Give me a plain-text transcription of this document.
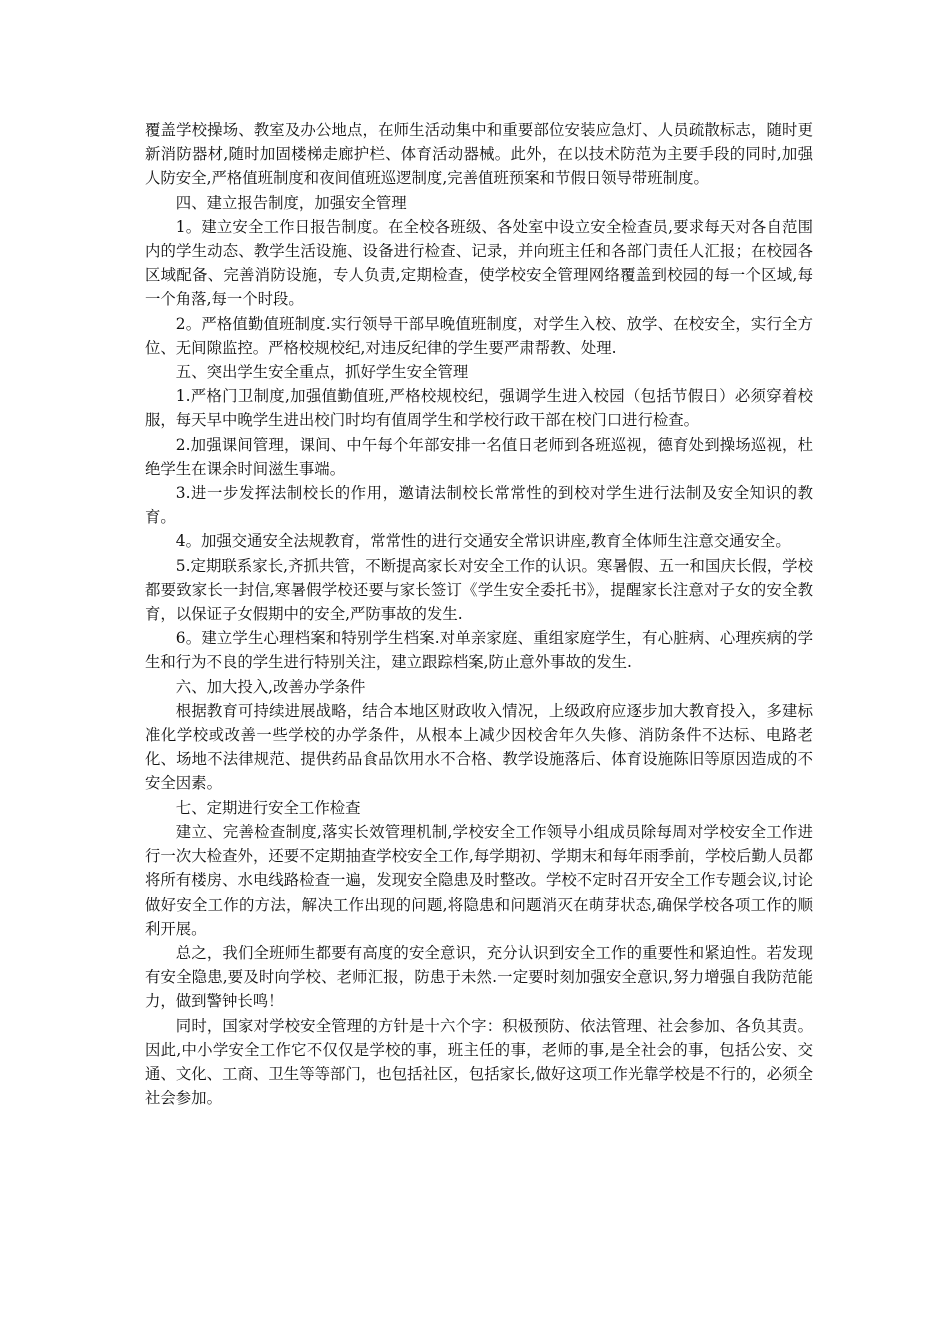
覆盖学校操场、教室及办公地点，在师生活动集中和重要部位安装应急灯、人员疏散标志，随时更新消防器材,随时加固楼梯走廊护栏、体育活动器械。此外，在以技术防范为主要手段的同时,加强人防安全,严格值班制度和夜间值班巡逻制度,完善值班预案和节假日领导带班制度。

四、建立报告制度，加强安全管理

1。建立安全工作日报告制度。在全校各班级、各处室中设立安全检查员,要求每天对各自范围内的学生动态、教学生活设施、设备进行检查、记录，并向班主任和各部门责任人汇报；在校园各区域配备、完善消防设施，专人负责,定期检查，使学校安全管理网络覆盖到校园的每一个区域,每一个角落,每一个时段。

2。严格值勤值班制度.实行领导干部早晚值班制度，对学生入校、放学、在校安全，实行全方位、无间隙监控。严格校规校纪,对违反纪律的学生要严肃帮教、处理.

五、突出学生安全重点，抓好学生安全管理

1.严格门卫制度,加强值勤值班,严格校规校纪，强调学生进入校园（包括节假日）必须穿着校服，每天早中晚学生进出校门时均有值周学生和学校行政干部在校门口进行检查。

2.加强课间管理，课间、中午每个年部安排一名值日老师到各班巡视，德育处到操场巡视，杜绝学生在课余时间滋生事端。

3.进一步发挥法制校长的作用，邀请法制校长常常性的到校对学生进行法制及安全知识的教育。

4。加强交通安全法规教育，常常性的进行交通安全常识讲座,教育全体师生注意交通安全。

5.定期联系家长,齐抓共管，不断提高家长对安全工作的认识。寒暑假、五一和国庆长假，学校都要致家长一封信,寒暑假学校还要与家长签订《学生安全委托书》，提醒家长注意对子女的安全教育，以保证子女假期中的安全,严防事故的发生.

6。建立学生心理档案和特别学生档案.对单亲家庭、重组家庭学生，有心脏病、心理疾病的学生和行为不良的学生进行特别关注，建立跟踪档案,防止意外事故的发生.

六、加大投入,改善办学条件

根据教育可持续进展战略，结合本地区财政收入情况，上级政府应逐步加大教育投入，多建标准化学校或改善一些学校的办学条件，从根本上减少因校舍年久失修、消防条件不达标、电路老化、场地不法律规范、提供药品食品饮用水不合格、教学设施落后、体育设施陈旧等原因造成的不安全因素。

七、定期进行安全工作检查

建立、完善检查制度,落实长效管理机制,学校安全工作领导小组成员除每周对学校安全工作进行一次大检查外，还要不定期抽查学校安全工作,每学期初、学期末和每年雨季前，学校后勤人员都将所有楼房、水电线路检查一遍，发现安全隐患及时整改。学校不定时召开安全工作专题会议,讨论做好安全工作的方法，解决工作出现的问题,将隐患和问题消灭在萌芽状态,确保学校各项工作的顺利开展。

总之，我们全班师生都要有高度的安全意识，充分认识到安全工作的重要性和紧迫性。若发现有安全隐患,要及时向学校、老师汇报，防患于未然.一定要时刻加强安全意识,努力增强自我防范能力，做到警钟长鸣！

同时，国家对学校安全管理的方针是十六个字：积极预防、依法管理、社会参加、各负其责。因此,中小学安全工作它不仅仅是学校的事，班主任的事，老师的事,是全社会的事，包括公安、交通、文化、工商、卫生等等部门，也包括社区，包括家长,做好这项工作光靠学校是不行的，必须全社会参加。
